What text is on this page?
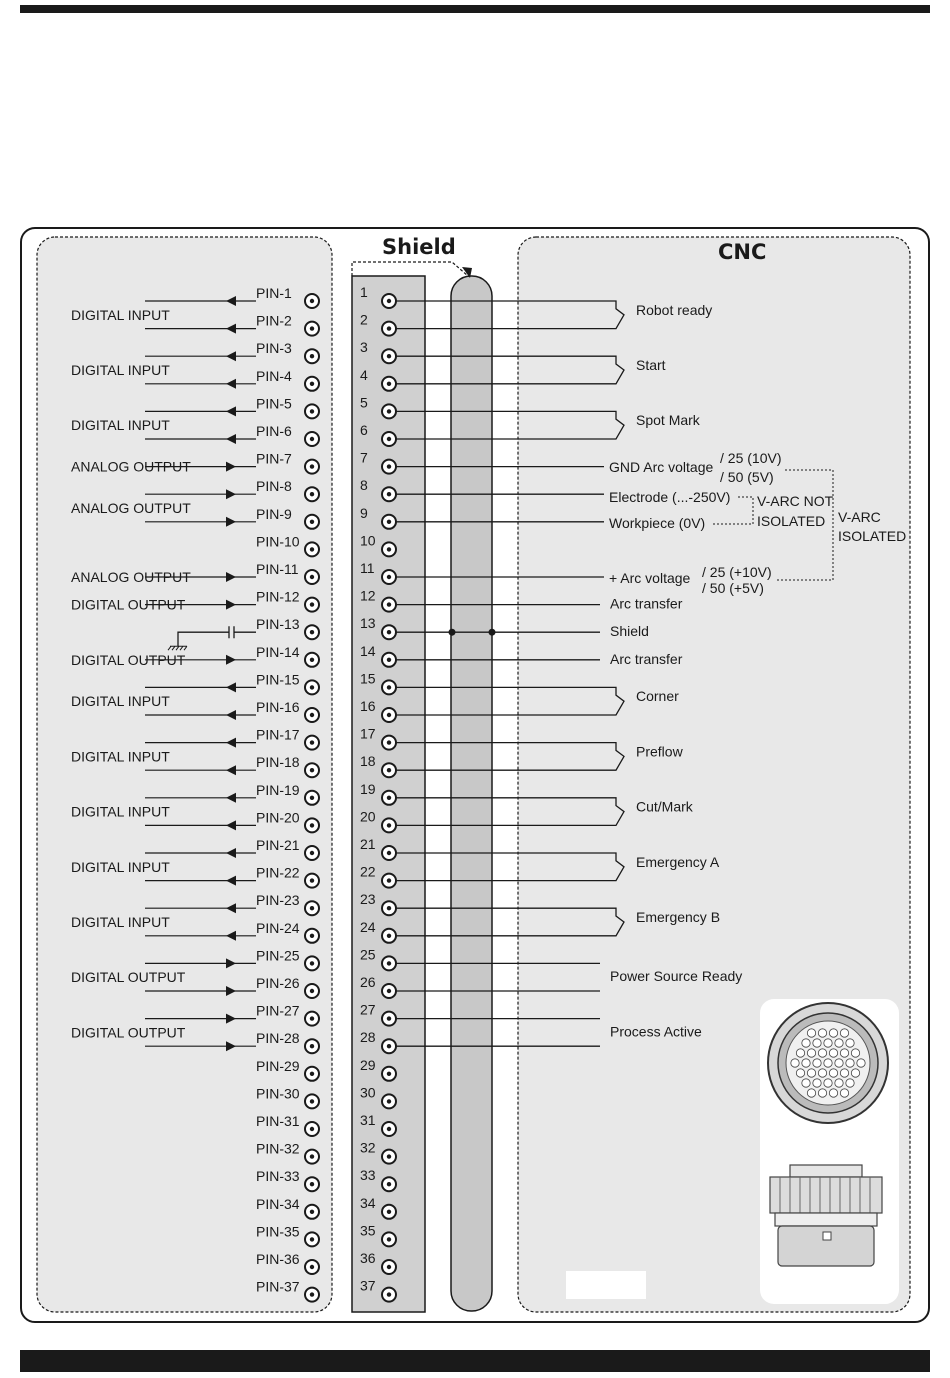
Shield	CNC
PIN-1
PIN-2
PIN-3
PIN-4
PIN-5
PIN-6
PIN-7
PIN-8
PIN-9
PIN-10
PIN-11
PIN-12
PIN-13
PIN-14
PIN-15
PIN-16
PIN-17
PIN-18
PIN-19
PIN-20
PIN-21
PIN-22
PIN-23
PIN-24
PIN-25
PIN-26
PIN-27
PIN-28
PIN-29
PIN-30
PIN-31
PIN-32
PIN-33
PIN-34
PIN-35
PIN-36
PIN-37
DIGITAL INPUT
DIGITAL INPUT
DIGITAL INPUT
ANALOG OUTPUT
ANALOG OUTPUT
ANALOG OUTPUT
DIGITAL OUTPUT
DIGITAL OUTPUT
DIGITAL INPUT
DIGITAL INPUT
DIGITAL INPUT
DIGITAL INPUT
DIGITAL INPUT
DIGITAL OUTPUT
DIGITAL OUTPUT
Robot ready
Start
Spot Mark
Corner
Preflow
Cut/Mark
Emergency A
Emergency B
Arc transfer
Shield
Arc transfer
Power Source Ready
Process Active
1
2
3
4
5
6
7
8
9
10
11
12
13
14
15
16
17
18
19
20
21
22
23
24
25
26
27
28
29
30
31
32
33
34
35
36
37
GND Arc voltage
/ 25 (10V)
/ 50 (5V)
Electrode (...-250V)
Workpiece (0V)
V-ARC NOT
ISOLATED
+ Arc voltage / 25 (+10V)
/ 50 (+5V)
V-ARC
ISOLATED
